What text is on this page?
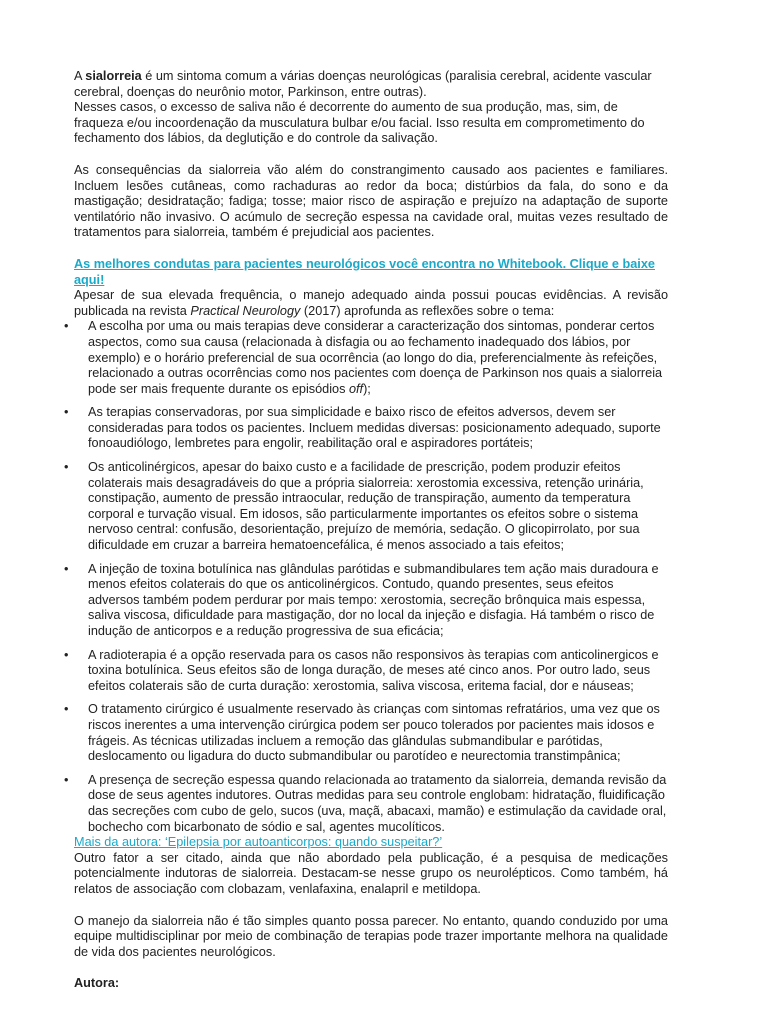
A sialorreia é um sintoma comum a várias doenças neurológicas (paralisia cerebral, acidente vascular cerebral, doenças do neurônio motor, Parkinson, entre outras).

Nesses casos, o excesso de saliva não é decorrente do aumento de sua produção, mas, sim, de fraqueza e/ou incoordenação da musculatura bulbar e/ou facial. Isso resulta em comprometimento do fechamento dos lábios, da deglutição e do controle da salivação.

As consequências da sialorreia vão além do constrangimento causado aos pacientes e familiares. Incluem lesões cutâneas, como rachaduras ao redor da boca; distúrbios da fala, do sono e da mastigação; desidratação; fadiga; tosse; maior risco de aspiração e prejuízo na adaptação de suporte ventilatório não invasivo. O acúmulo de secreção espessa na cavidade oral, muitas vezes resultado de tratamentos para sialorreia, também é prejudicial aos pacientes.

As melhores condutas para pacientes neurológicos você encontra no Whitebook. Clique e baixe aqui!

Apesar de sua elevada frequência, o manejo adequado ainda possui poucas evidências. A revisão publicada na revista Practical Neurology (2017) aprofunda as reflexões sobre o tema:

•	A escolha por uma ou mais terapias deve considerar a caracterização dos sintomas, ponderar certos aspectos, como sua causa (relacionada à disfagia ou ao fechamento inadequado dos lábios, por exemplo) e o horário preferencial de sua ocorrência (ao longo do dia, preferencialmente às refeições, relacionado a outras ocorrências como nos pacientes com doença de Parkinson nos quais a sialorreia pode ser mais frequente durante os episódios off);
•	As terapias conservadoras, por sua simplicidade e baixo risco de efeitos adversos, devem ser consideradas para todos os pacientes. Incluem medidas diversas: posicionamento adequado, suporte fonoaudiólogo, lembretes para engolir, reabilitação oral e aspiradores portáteis;
•	Os anticolinérgicos, apesar do baixo custo e a facilidade de prescrição, podem produzir efeitos colaterais mais desagradáveis do que a própria sialorreia: xerostomia excessiva, retenção urinária, constipação, aumento de pressão intraocular, redução de transpiração, aumento da temperatura corporal e turvação visual. Em idosos, são particularmente importantes os efeitos sobre o sistema nervoso central: confusão, desorientação, prejuízo de memória, sedação. O glicopirrolato, por sua dificuldade em cruzar a barreira hematoencefálica, é menos associado a tais efeitos;
•	A injeção de toxina botulínica nas glândulas parótidas e submandibulares tem ação mais duradoura e menos efeitos colaterais do que os anticolinérgicos. Contudo, quando presentes, seus efeitos adversos também podem perdurar por mais tempo: xerostomia, secreção brônquica mais espessa, saliva viscosa, dificuldade para mastigação, dor no local da injeção e disfagia. Há também o risco de indução de anticorpos e a redução progressiva de sua eficácia;
•	A radioterapia é a opção reservada para os casos não responsivos às terapias com anticolinergicos e toxina botulínica. Seus efeitos são de longa duração, de meses até cinco anos. Por outro lado, seus efeitos colaterais são de curta duração: xerostomia, saliva viscosa, eritema facial, dor e náuseas;
•	O tratamento cirúrgico é usualmente reservado às crianças com sintomas refratários, uma vez que os riscos inerentes a uma intervenção cirúrgica podem ser pouco tolerados por pacientes mais idosos e frágeis. As técnicas utilizadas incluem a remoção das glândulas submandibular e parótidas, deslocamento ou ligadura do ducto submandibular ou parotídeo e neurectomia transtimpânica;
•	A presença de secreção espessa quando relacionada ao tratamento da sialorreia, demanda revisão da dose de seus agentes indutores. Outras medidas para seu controle englobam: hidratação, fluidificação das secreções com cubo de gelo, sucos (uva, maçã, abacaxi, mamão) e estimulação da cavidade oral, bochecho com bicarbonato de sódio e sal, agentes mucolíticos.

Mais da autora: ‘Epilepsia por autoanticorpos: quando suspeitar?’

Outro fator a ser citado, ainda que não abordado pela publicação, é a pesquisa de medicações potencialmente indutoras de sialorreia. Destacam-se nesse grupo os neurolépticos. Como também, há relatos de associação com clobazam, venlafaxina, enalapril e metildopa.

O manejo da sialorreia não é tão simples quanto possa parecer. No entanto, quando conduzido por uma equipe multidisciplinar por meio de combinação de terapias pode trazer importante melhora na qualidade de vida dos pacientes neurológicos.

Autora:
